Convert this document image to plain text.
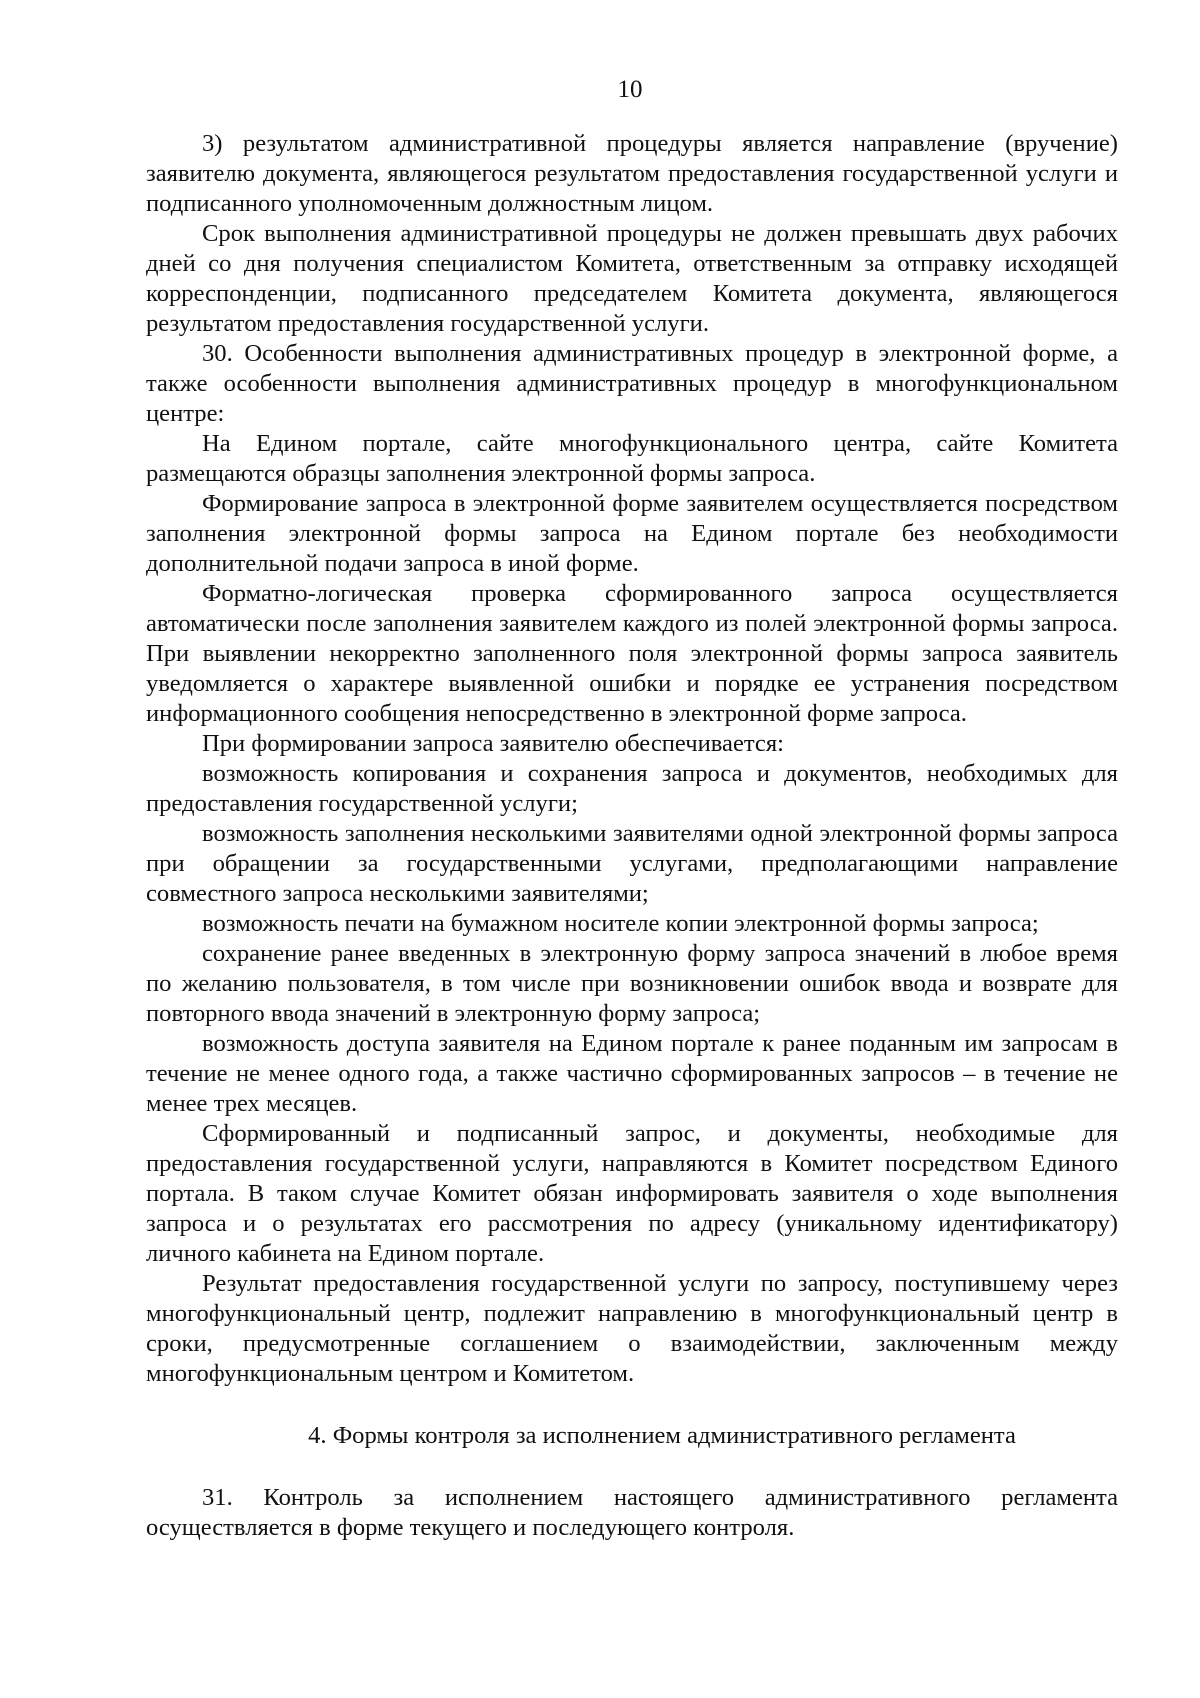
10

3) результатом административной процедуры является направление (вручение) заявителю документа, являющегося результатом предоставления государственной услуги и подписанного уполномоченным должностным лицом.

Срок выполнения административной процедуры не должен превышать двух рабочих дней со дня получения специалистом Комитета, ответственным за отправку исходящей корреспонденции, подписанного председателем Комитета документа, являющегося результатом предоставления государственной услуги.

30. Особенности выполнения административных процедур в электронной форме, а также особенности выполнения административных процедур в многофункциональном центре:

На Едином портале, сайте многофункционального центра, сайте Комитета размещаются образцы заполнения электронной формы запроса.

Формирование запроса в электронной форме заявителем осуществляется посредством заполнения электронной формы запроса на Едином портале без необходимости дополнительной подачи запроса в иной форме.

Форматно-логическая проверка сформированного запроса осуществляется автоматически после заполнения заявителем каждого из полей электронной формы запроса. При выявлении некорректно заполненного поля электронной формы запроса заявитель уведомляется о характере выявленной ошибки и порядке ее устранения посредством информационного сообщения непосредственно в электронной форме запроса.

При формировании запроса заявителю обеспечивается:

возможность копирования и сохранения запроса и документов, необходимых для предоставления государственной услуги;

возможность заполнения несколькими заявителями одной электронной формы запроса при обращении за государственными услугами, предполагающими направление совместного запроса несколькими заявителями;

возможность печати на бумажном носителе копии электронной формы запроса;

сохранение ранее введенных в электронную форму запроса значений в любое время по желанию пользователя, в том числе при возникновении ошибок ввода и возврате для повторного ввода значений в электронную форму запроса;

возможность доступа заявителя на Едином портале к ранее поданным им запросам в течение не менее одного года, а также частично сформированных запросов – в течение не менее трех месяцев.

Сформированный и подписанный запрос, и документы, необходимые для предоставления государственной услуги, направляются в Комитет посредством Единого портала. В таком случае Комитет обязан информировать заявителя о ходе выполнения запроса и о результатах его рассмотрения по адресу (уникальному идентификатору) личного кабинета на Едином портале.

Результат предоставления государственной услуги по запросу, поступившему через многофункциональный центр, подлежит направлению в многофункциональный центр в сроки, предусмотренные соглашением о взаимодействии, заключенным между многофункциональным центром и Комитетом.

4. Формы контроля за исполнением административного регламента

31. Контроль за исполнением настоящего административного регламента осуществляется в форме текущего и последующего контроля.
